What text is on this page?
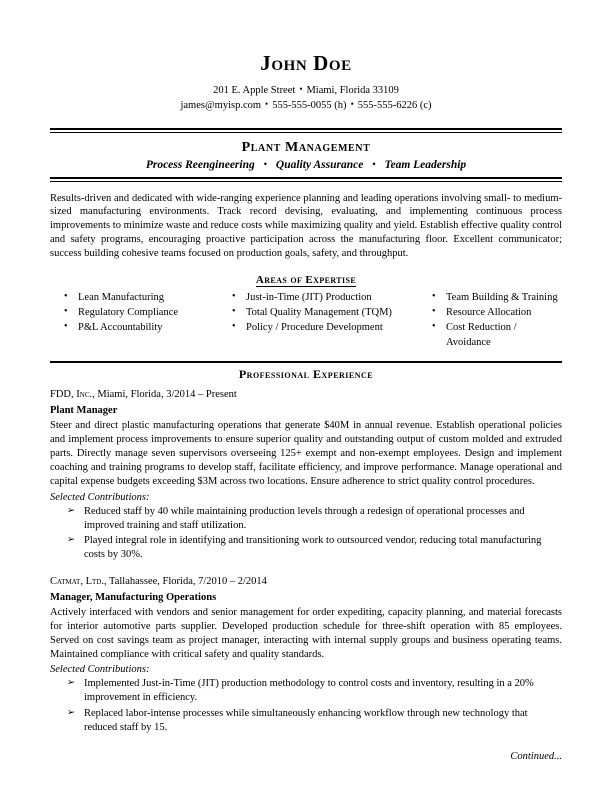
John Doe
201 E. Apple Street • Miami, Florida 33109
james@myisp.com • 555-555-0055 (h) • 555-555-6226 (c)
Plant Management
Process Reengineering • Quality Assurance • Team Leadership
Results-driven and dedicated with wide-ranging experience planning and leading operations involving small- to medium-sized manufacturing environments. Track record devising, evaluating, and implementing continuous process improvements to minimize waste and reduce costs while maximizing quality and yield. Establish effective quality control and safety programs, encouraging proactive participation across the manufacturing floor. Excellent communicator; success building cohesive teams focused on production goals, safety, and throughput.
Areas of Expertise
• Lean Manufacturing
• Regulatory Compliance
• P&L Accountability
• Just-in-Time (JIT) Production
• Total Quality Management (TQM)
• Policy / Procedure Development
• Team Building & Training
• Resource Allocation
• Cost Reduction / Avoidance
Professional Experience
FDD, Inc., Miami, Florida, 3/2014 – Present
Plant Manager
Steer and direct plastic manufacturing operations that generate $40M in annual revenue. Establish operational policies and implement process improvements to ensure superior quality and outstanding output of custom molded and extruded parts. Directly manage seven supervisors overseeing 125+ exempt and non-exempt employees. Design and implement coaching and training programs to develop staff, facilitate efficiency, and improve performance. Manage operational and capital expense budgets exceeding $3M across two locations. Ensure adherence to strict quality control procedures.
Selected Contributions:
➢ Reduced staff by 40 while maintaining production levels through a redesign of operational processes and improved training and staff utilization.
➢ Played integral role in identifying and transitioning work to outsourced vendor, reducing total manufacturing costs by 30%.
Catmat, Ltd., Tallahassee, Florida, 7/2010 – 2/2014
Manager, Manufacturing Operations
Actively interfaced with vendors and senior management for order expediting, capacity planning, and material forecasts for interior automotive parts supplier. Developed production schedule for three-shift operation with 85 employees. Served on cost savings team as project manager, interacting with internal supply groups and business operating teams. Maintained compliance with critical safety and quality standards.
Selected Contributions:
➢ Implemented Just-in-Time (JIT) production methodology to control costs and inventory, resulting in a 20% improvement in efficiency.
➢ Replaced labor-intense processes while simultaneously enhancing workflow through new technology that reduced staff by 15.
Continued...
